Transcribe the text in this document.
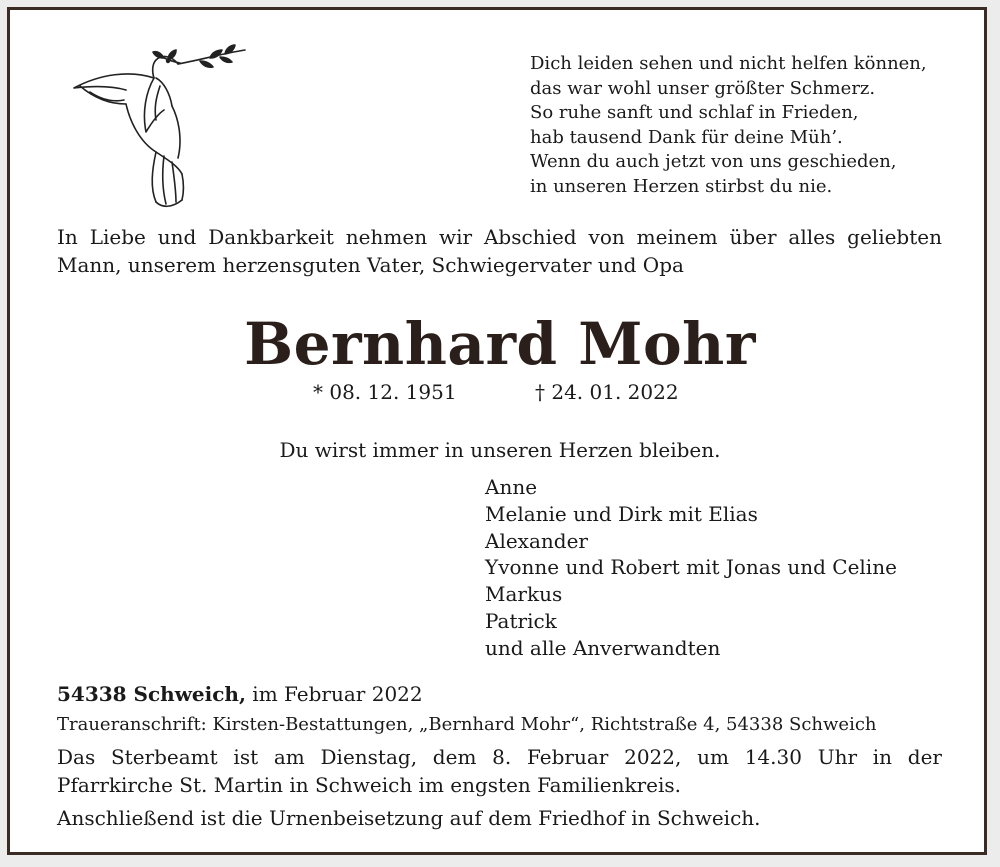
Dich leiden sehen und nicht helfen können,
das war wohl unser größter Schmerz.
So ruhe sanft und schlaf in Frieden,
hab tausend Dank für deine Müh’.
Wenn du auch jetzt von uns geschieden,
in unseren Herzen stirbst du nie.
In Liebe und Dankbarkeit nehmen wir Abschied von meinem über alles geliebten Mann, unserem herzensguten Vater, Schwiegervater und Opa
Bernhard Mohr
* 08. 12. 1951	† 24. 01. 2022
Du wirst immer in unseren Herzen bleiben.
Anne
Melanie und Dirk mit Elias
Alexander
Yvonne und Robert mit Jonas und Celine
Markus
Patrick
und alle Anverwandten
54338 Schweich, im Februar 2022
Traueranschrift: Kirsten-Bestattungen, „Bernhard Mohr“, Richtstraße 4, 54338 Schweich
Das Sterbeamt ist am Dienstag, dem 8. Februar 2022, um 14.30 Uhr in der Pfarrkirche St. Martin in Schweich im engsten Familienkreis.
Anschließend ist die Urnenbeisetzung auf dem Friedhof in Schweich.
